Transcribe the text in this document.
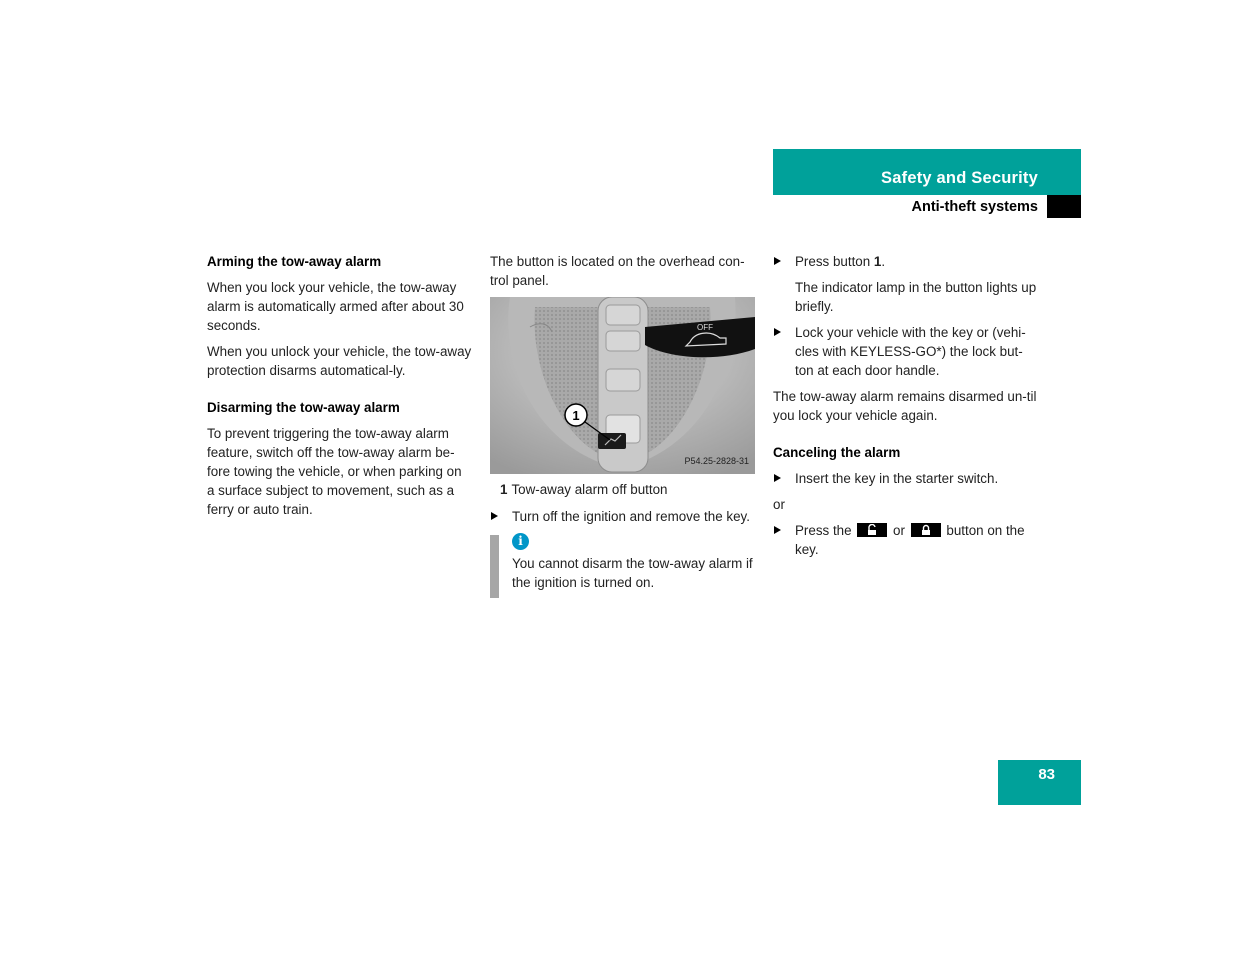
Safety and Security
Anti-theft systems
Arming the tow-away alarm

When you lock your vehicle, the tow-away alarm is automatically armed after about 30 seconds.

When you unlock your vehicle, the tow-away protection disarms automatical-ly.

Disarming the tow-away alarm

To prevent triggering the tow-away alarm feature, switch off the tow-away alarm be-fore towing the vehicle, or when parking on a surface subject to movement, such as a ferry or auto train.

The button is located on the overhead con-trol panel.

OFF
1
P54.25-2828-31

1 Tow-away alarm off button

Turn off the ignition and remove the key.
i
You cannot disarm the tow-away alarm if the ignition is turned on.
Press button 1.

The indicator lamp in the button lights up briefly.

Lock your vehicle with the key or (vehi-cles with KEYLESS-GO*) the lock but-ton at each door handle.

The tow-away alarm remains disarmed un-til you lock your vehicle again.

Canceling the alarm
Insert the key in the starter switch.

or

Press the	or	button on the key.
83
